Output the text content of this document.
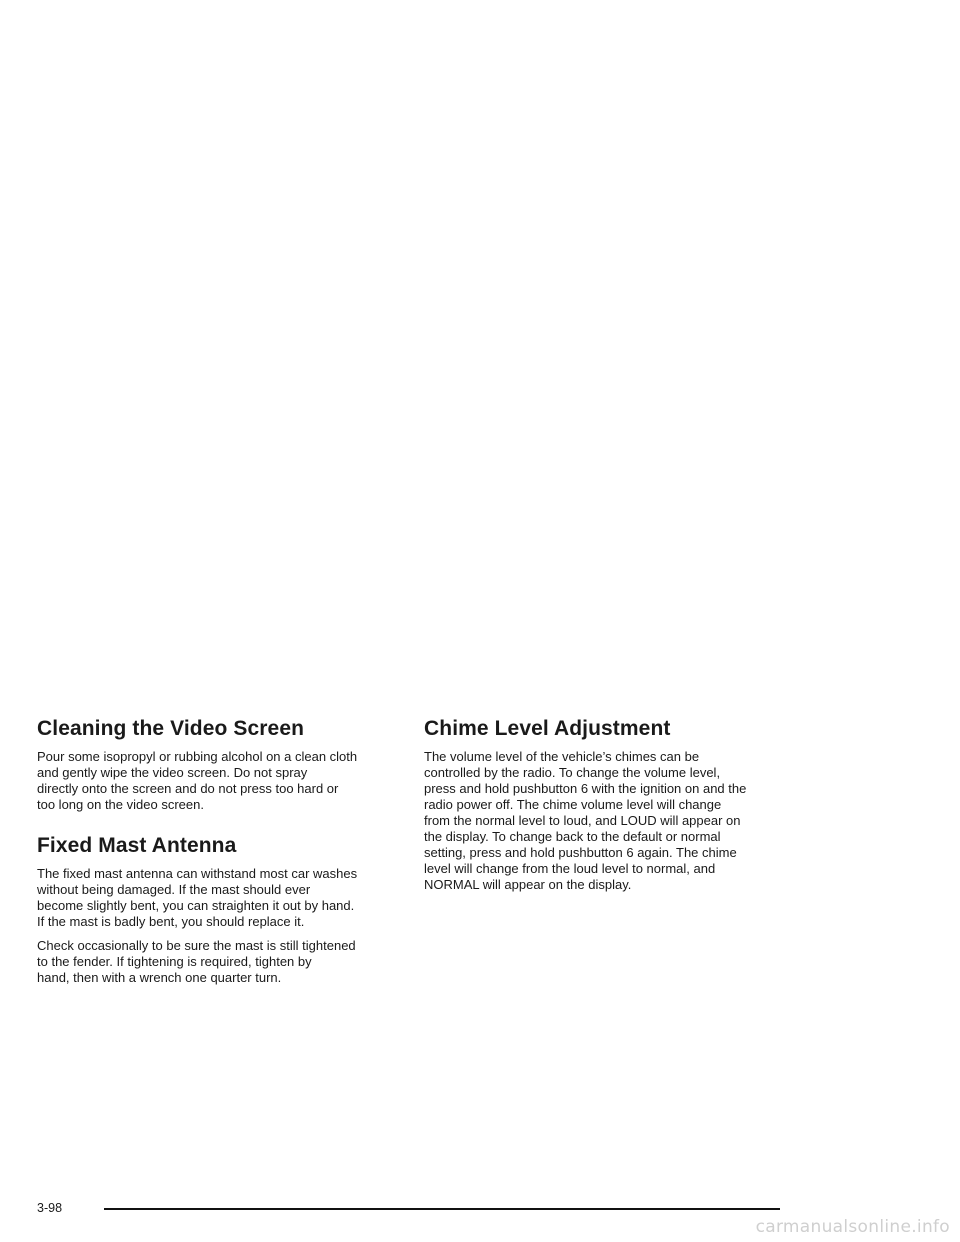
Cleaning the Video Screen

Pour some isopropyl or rubbing alcohol on a clean cloth
and gently wipe the video screen. Do not spray
directly onto the screen and do not press too hard or
too long on the video screen.

Fixed Mast Antenna

The fixed mast antenna can withstand most car washes
without being damaged. If the mast should ever
become slightly bent, you can straighten it out by hand.
If the mast is badly bent, you should replace it.

Check occasionally to be sure the mast is still tightened
to the fender. If tightening is required, tighten by
hand, then with a wrench one quarter turn.

Chime Level Adjustment

The volume level of the vehicle’s chimes can be
controlled by the radio. To change the volume level,
press and hold pushbutton 6 with the ignition on and the
radio power off. The chime volume level will change
from the normal level to loud, and LOUD will appear on
the display. To change back to the default or normal
setting, press and hold pushbutton 6 again. The chime
level will change from the loud level to normal, and
NORMAL will appear on the display.

3-98
carmanualsonline.info
